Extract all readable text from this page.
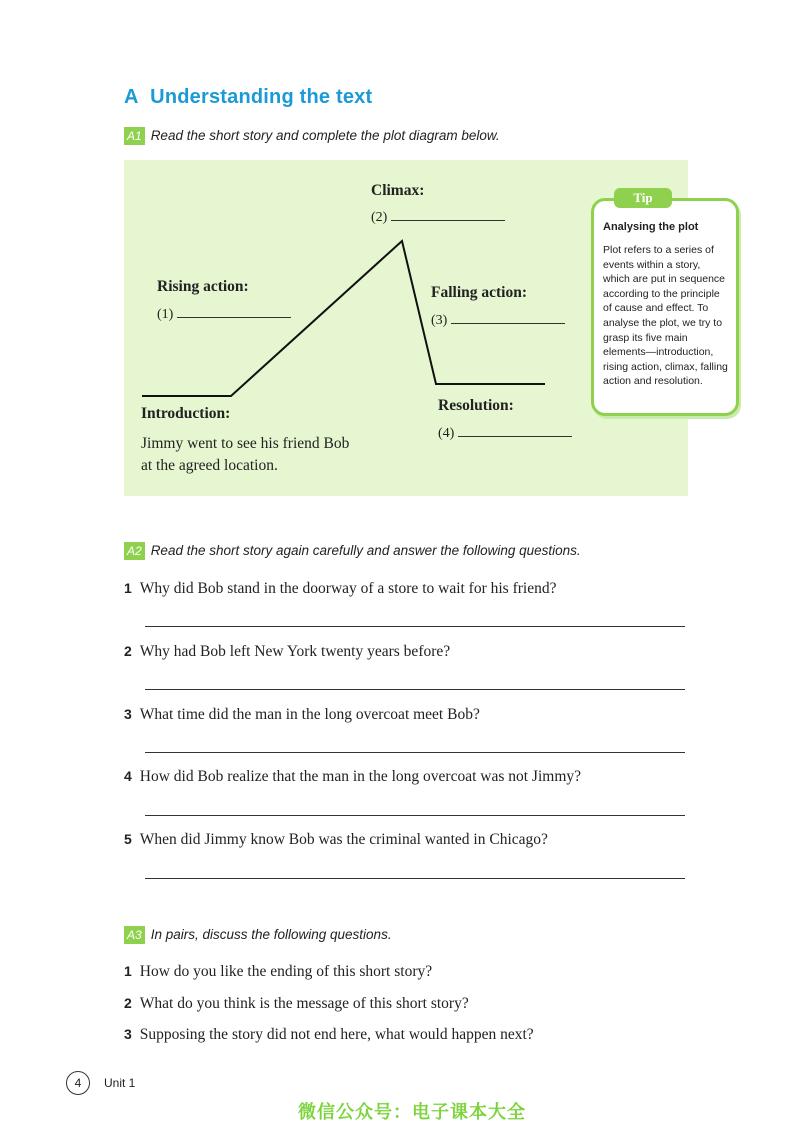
A Understanding the text
A1 Read the short story and complete the plot diagram below.
Climax:
(2)
Rising action:
(1)
Falling action:
(3)
Resolution:
(4)
Introduction:
Jimmy went to see his friend Bob
at the agreed location.
Tip
Analysing the plot
Plot refers to a series of events within a story, which are put in sequence according to the principle of cause and effect. To analyse the plot, we try to grasp its five main elements—introduction, rising action, climax, falling action and resolution.
A2 Read the short story again carefully and answer the following questions.
1 Why did Bob stand in the doorway of a store to wait for his friend?
2 Why had Bob left New York twenty years before?
3 What time did the man in the long overcoat meet Bob?
4 How did Bob realize that the man in the long overcoat was not Jimmy?
5 When did Jimmy know Bob was the criminal wanted in Chicago?
A3 In pairs, discuss the following questions.
1 How do you like the ending of this short story?
2 What do you think is the message of this short story?
3 Supposing the story did not end here, what would happen next?
4	Unit 1
微信公众号：电子课本大全
